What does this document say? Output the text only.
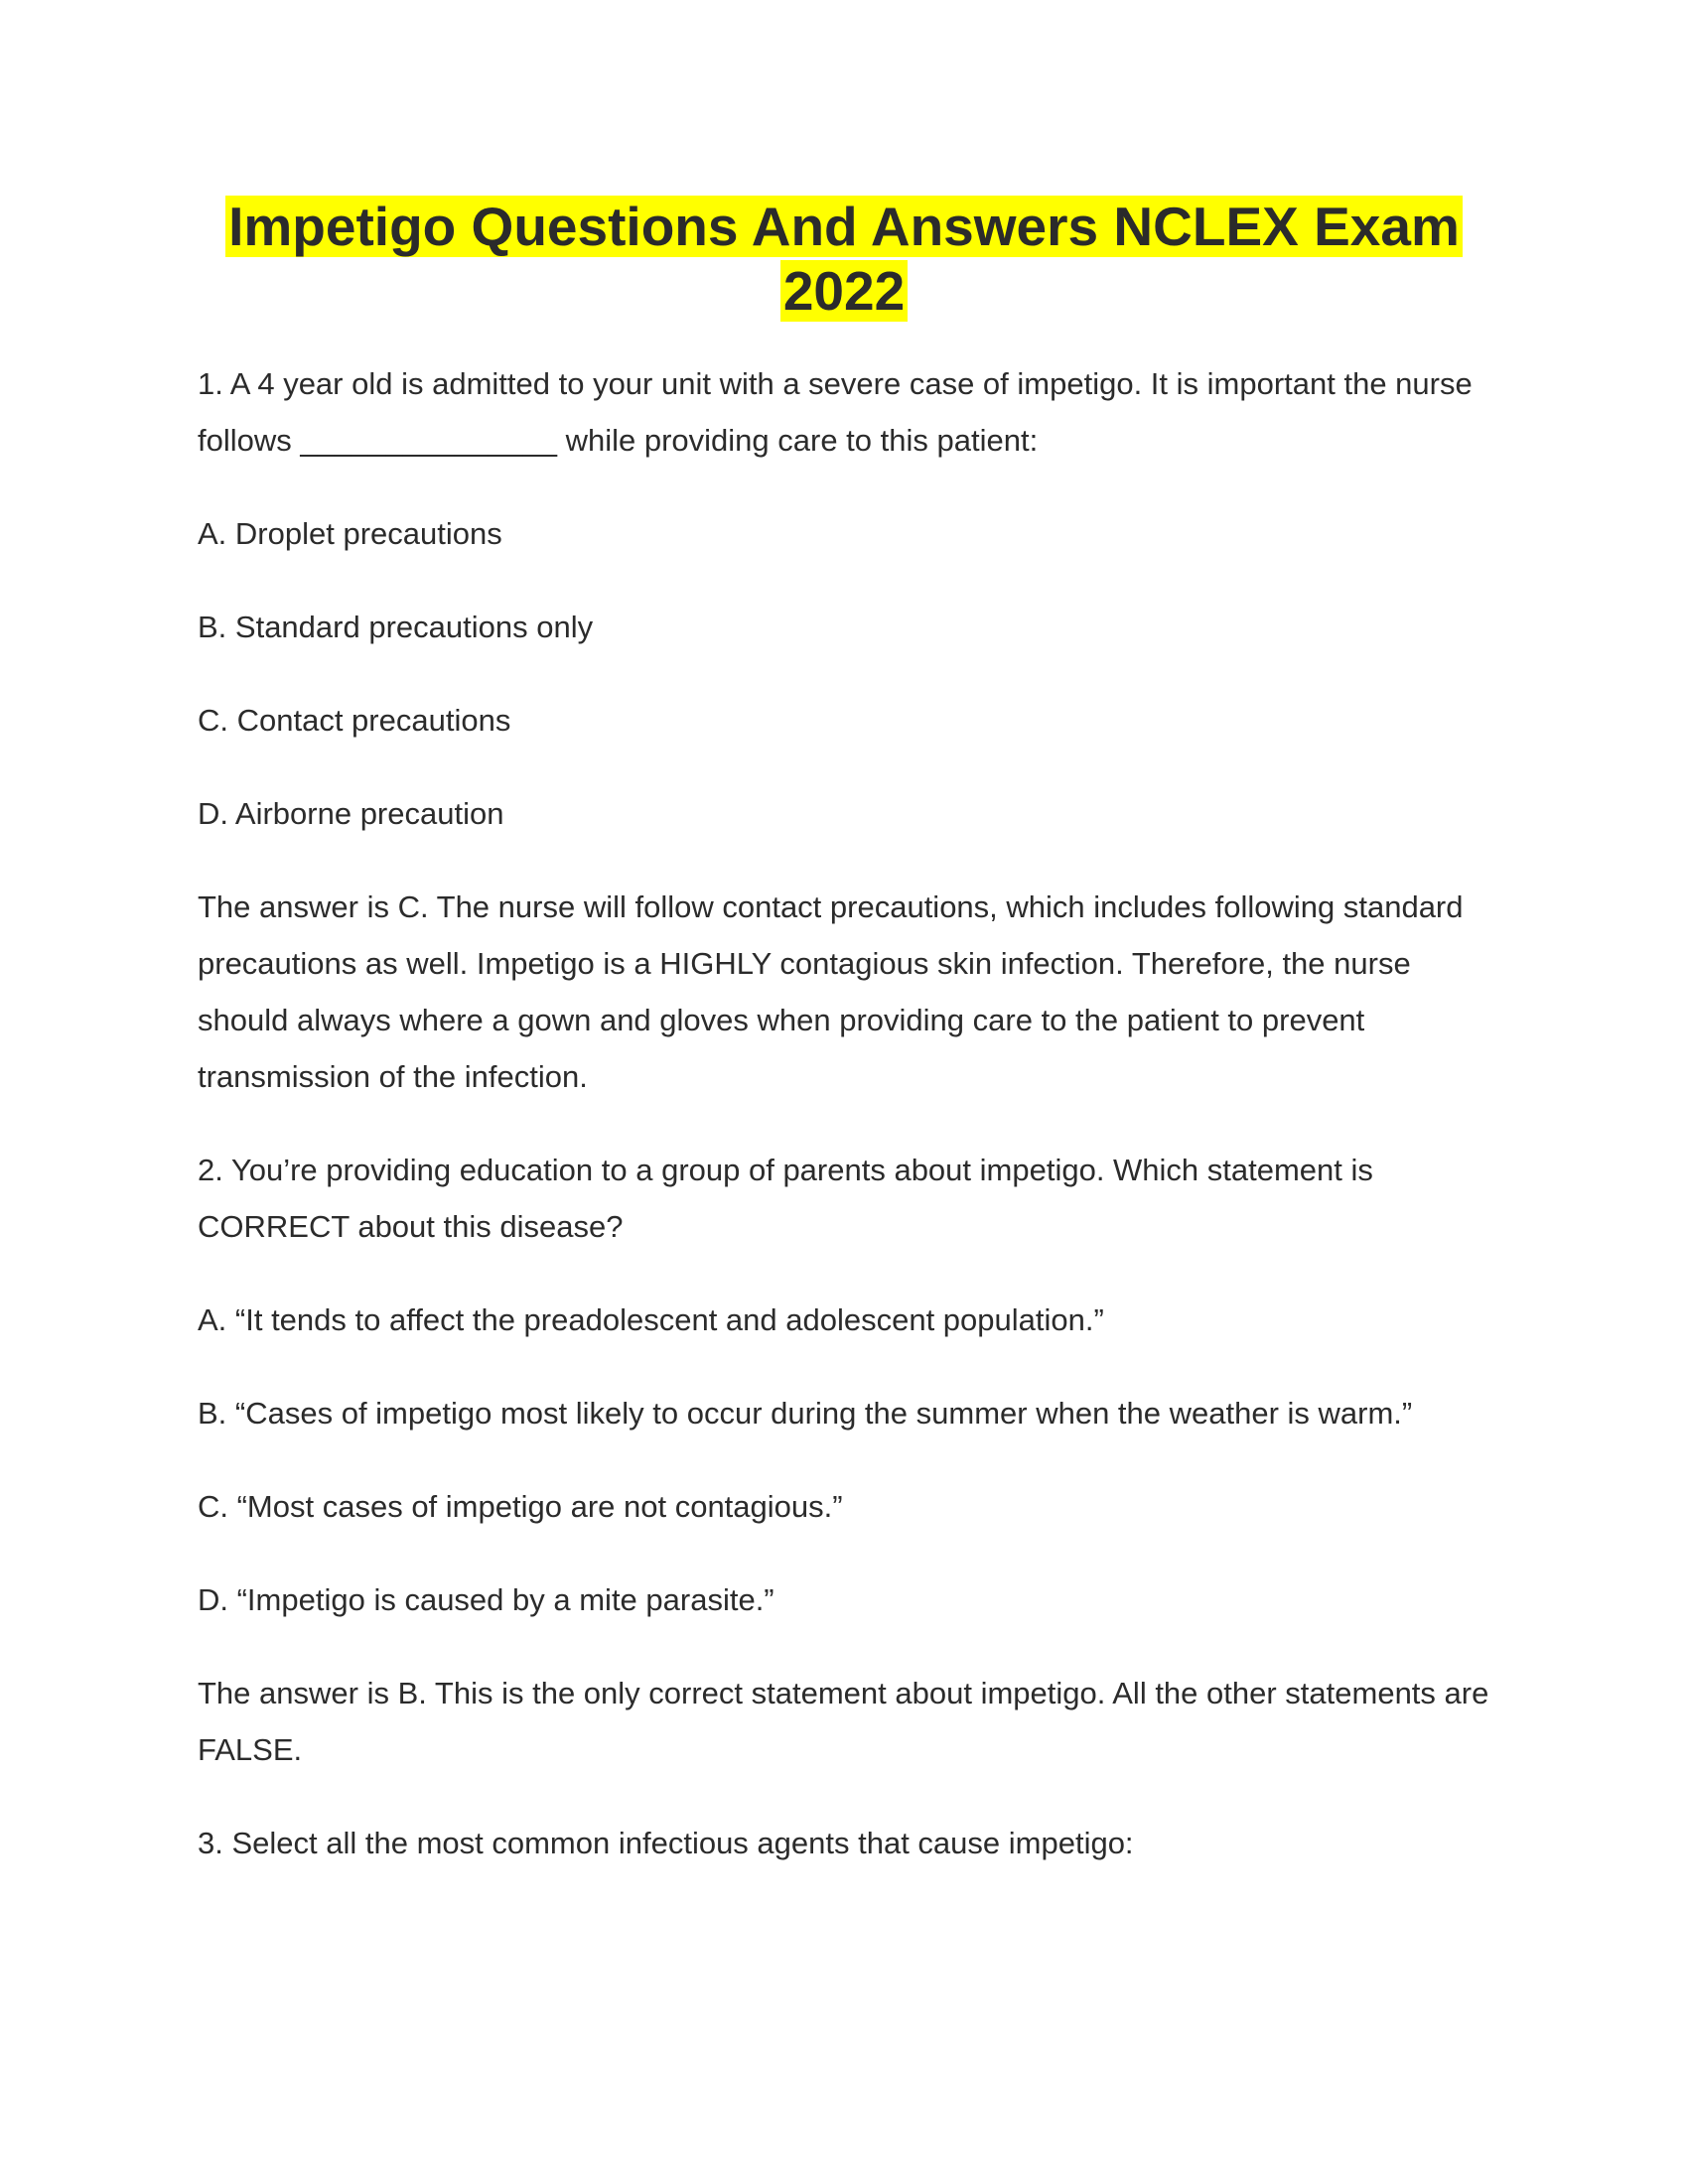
Impetigo Questions And Answers NCLEX Exam
2022

1. A 4 year old is admitted to your unit with a severe case of impetigo. It is important the nurse follows _______________ while providing care to this patient:

A. Droplet precautions

B. Standard precautions only

C. Contact precautions

D. Airborne precaution

The answer is C. The nurse will follow contact precautions, which includes following standard precautions as well. Impetigo is a HIGHLY contagious skin infection. Therefore, the nurse should always where a gown and gloves when providing care to the patient to prevent transmission of the infection.

2. You’re providing education to a group of parents about impetigo. Which statement is CORRECT about this disease?

A. “It tends to affect the preadolescent and adolescent population.”

B. “Cases of impetigo most likely to occur during the summer when the weather is warm.”

C. “Most cases of impetigo are not contagious.”

D. “Impetigo is caused by a mite parasite.”

The answer is B. This is the only correct statement about impetigo. All the other statements are FALSE.

3. Select all the most common infectious agents that cause impetigo:
